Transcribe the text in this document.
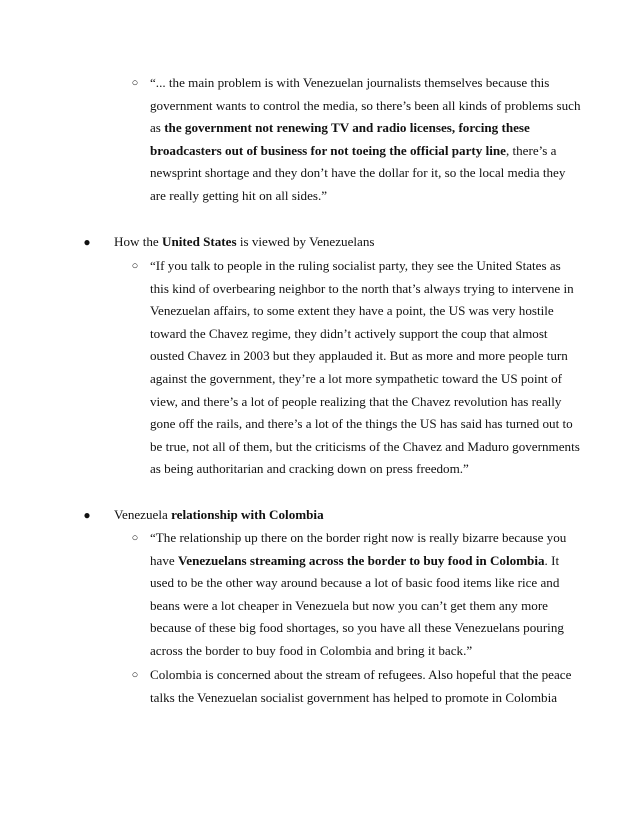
○ “... the main problem is with Venezuelan journalists themselves because this
government wants to control the media, so there’s been all kinds of problems such
as the government not renewing TV and radio licenses, forcing these
broadcasters out of business for not toeing the official party line, there’s a
newsprint shortage and they don’t have the dollar for it, so the local media they
are really getting hit on all sides.”
● How the United States is viewed by Venezuelans
○ “If you talk to people in the ruling socialist party, they see the United States as
this kind of overbearing neighbor to the north that’s always trying to intervene in
Venezuelan affairs, to some extent they have a point, the US was very hostile
toward the Chavez regime, they didn’t actively support the coup that almost
ousted Chavez in 2003 but they applauded it. But as more and more people turn
against the government, they’re a lot more sympathetic toward the US point of
view, and there’s a lot of people realizing that the Chavez revolution has really
gone off the rails, and there’s a lot of the things the US has said has turned out to
be true, not all of them, but the criticisms of the Chavez and Maduro governments
as being authoritarian and cracking down on press freedom.”
● Venezuela relationship with Colombia
○ “The relationship up there on the border right now is really bizarre because you
have Venezuelans streaming across the border to buy food in Colombia. It
used to be the other way around because a lot of basic food items like rice and
beans were a lot cheaper in Venezuela but now you can’t get them any more
because of these big food shortages, so you have all these Venezuelans pouring
across the border to buy food in Colombia and bring it back.”
○ Colombia is concerned about the stream of refugees. Also hopeful that the peace
talks the Venezuelan socialist government has helped to promote in Colombia
